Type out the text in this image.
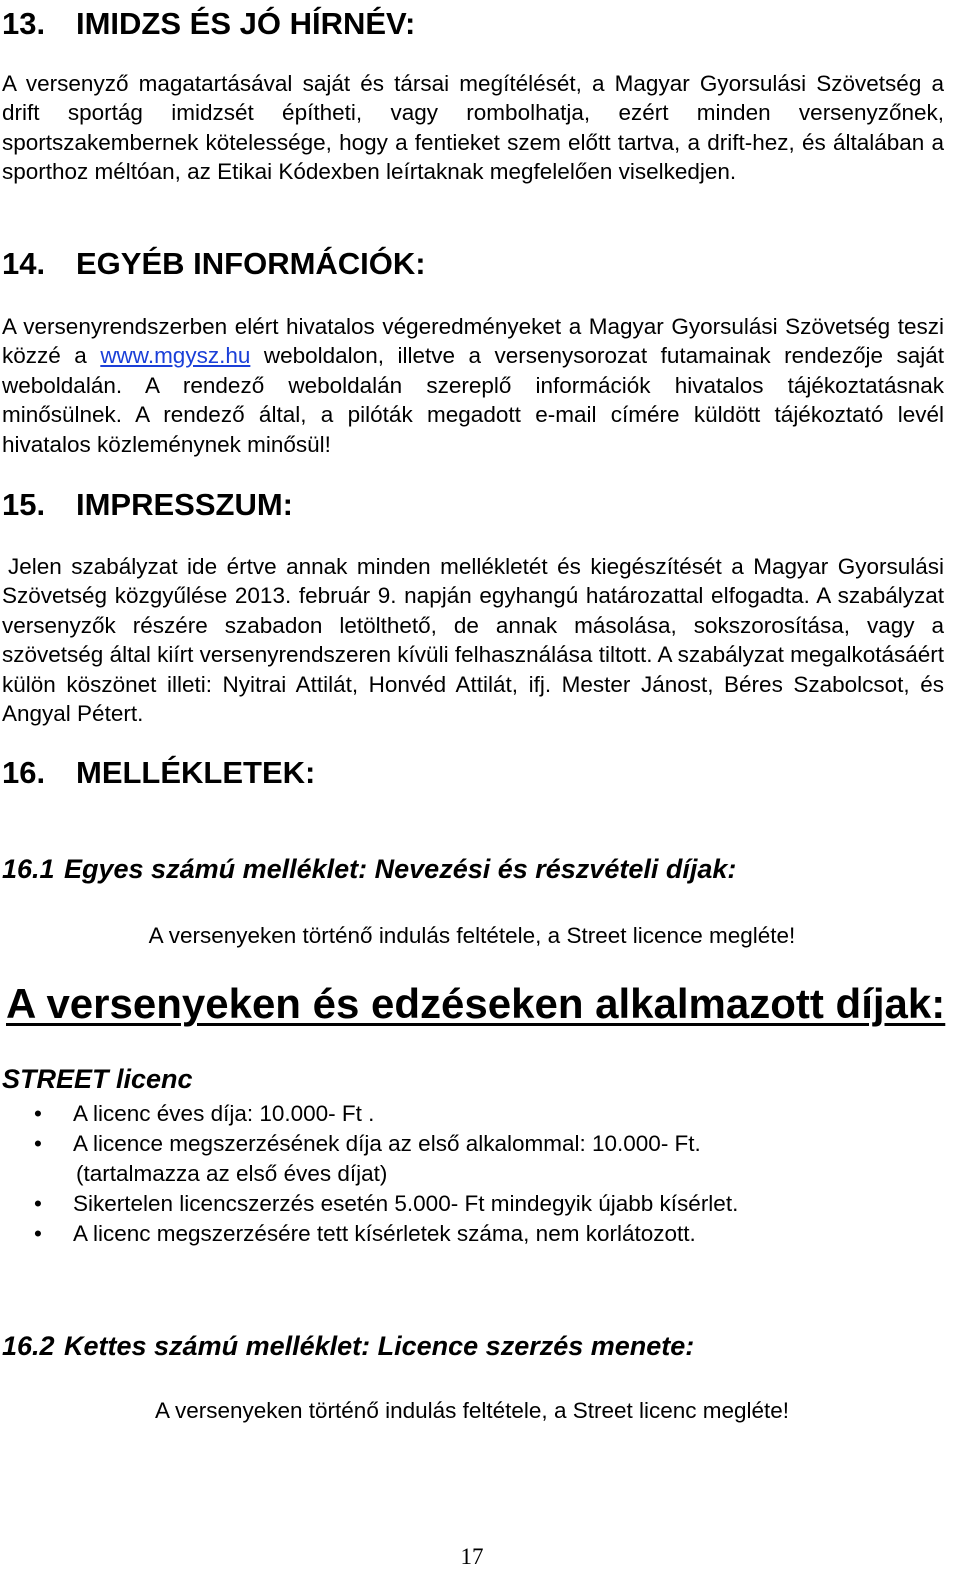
13. IMIDZS ÉS JÓ HÍRNÉV:
A versenyző magatartásával saját és társai megítélését, a Magyar Gyorsulási Szövetség a drift sportág imidzsét építheti, vagy rombolhatja, ezért minden versenyzőnek, sportszakembernek kötelessége, hogy a fentieket szem előtt tartva, a drift-hez, és általában a sporthoz méltóan, az Etikai Kódexben leírtaknak megfelelően viselkedjen.
14. EGYÉB INFORMÁCIÓK:
A versenyrendszerben elért hivatalos végeredményeket a Magyar Gyorsulási Szövetség teszi közzé a www.mgysz.hu weboldalon, illetve a versenysorozat futamainak rendezője saját weboldalán. A rendező weboldalán szereplő információk hivatalos tájékoztatásnak minősülnek. A rendező által, a pilóták megadott e-mail címére küldött tájékoztató levél hivatalos közleménynek minősül!
15. IMPRESSZUM:
Jelen szabályzat ide értve annak minden mellékletét és kiegészítését a Magyar Gyorsulási Szövetség közgyűlése 2013. február 9. napján egyhangú határozattal elfogadta. A szabályzat versenyzők részére szabadon letölthető, de annak másolása, sokszorosítása, vagy a szövetség által kiírt versenyrendszeren kívüli felhasználása tiltott. A szabályzat megalkotásáért külön köszönet illeti: Nyitrai Attilát, Honvéd Attilát, ifj. Mester Jánost, Béres Szabolcsot, és Angyal Pétert.
16. MELLÉKLETEK:
16.1 Egyes számú melléklet: Nevezési és részvételi díjak:
A versenyeken történő indulás feltétele, a Street licence megléte!
A versenyeken és edzéseken alkalmazott díjak:
STREET licenc
• A licenc éves díja: 10.000- Ft .
• A licence megszerzésének díja az első alkalommal: 10.000- Ft.
(tartalmazza az első éves díjat)
• Sikertelen licencszerzés esetén 5.000- Ft mindegyik újabb kísérlet.
• A licenc megszerzésére tett kísérletek száma, nem korlátozott.
16.2 Kettes számú melléklet: Licence szerzés menete:
A versenyeken történő indulás feltétele, a Street licenc megléte!
17
